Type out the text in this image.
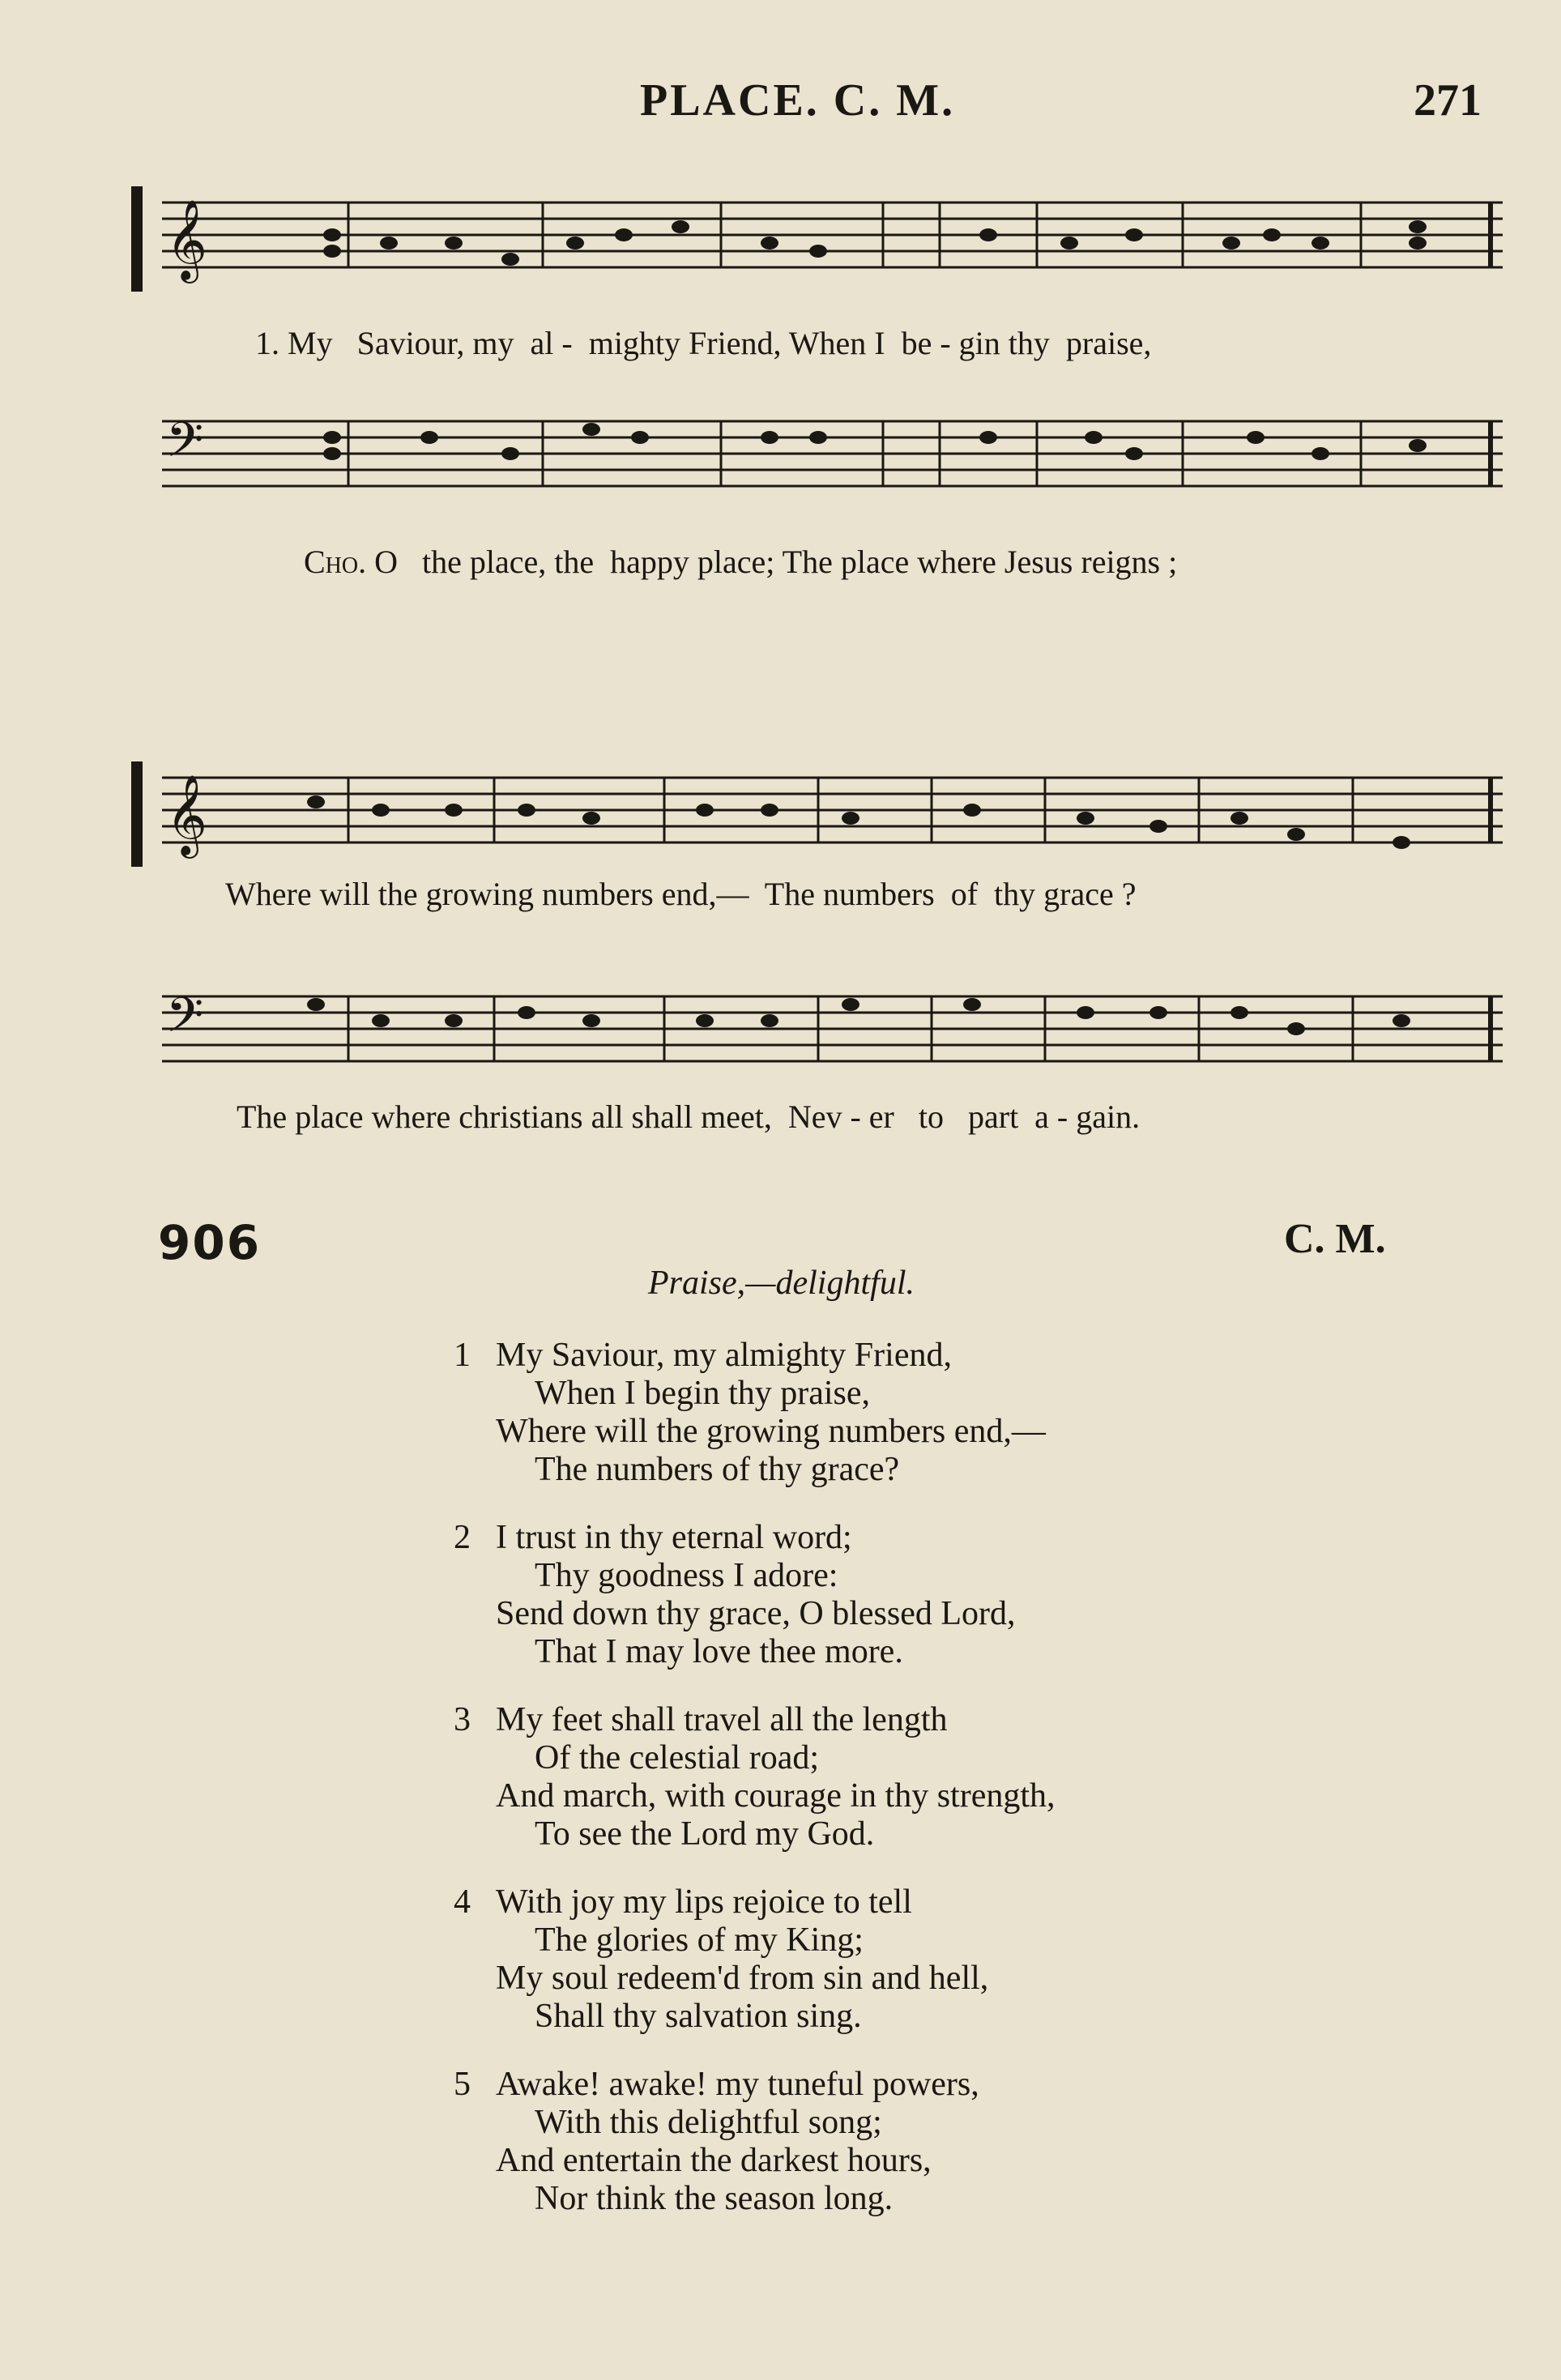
PLACE. C. M.	271
𝄞
1. My   Saviour, my  al -  mighty Friend, When I  be - gin thy  praise,
𝄢
Cho. O   the place, the  happy place; The place where Jesus reigns ;
𝄞
Where will the growing numbers end,—  The numbers  of  thy grace ?
𝄢
The place where christians all shall meet,  Nev - er   to   part  a - gain.
906	C. M.
Praise,—delightful.
1 My Saviour, my almighty Friend,
When I begin thy praise,
Where will the growing numbers end,—
The numbers of thy grace?
2 I trust in thy eternal word;
Thy goodness I adore:
Send down thy grace, O blessed Lord,
That I may love thee more.
3 My feet shall travel all the length
Of the celestial road;
And march, with courage in thy strength,
To see the Lord my God.
4 With joy my lips rejoice to tell
The glories of my King;
My soul redeem'd from sin and hell,
Shall thy salvation sing.
5 Awake! awake! my tuneful powers,
With this delightful song;
And entertain the darkest hours,
Nor think the season long.
